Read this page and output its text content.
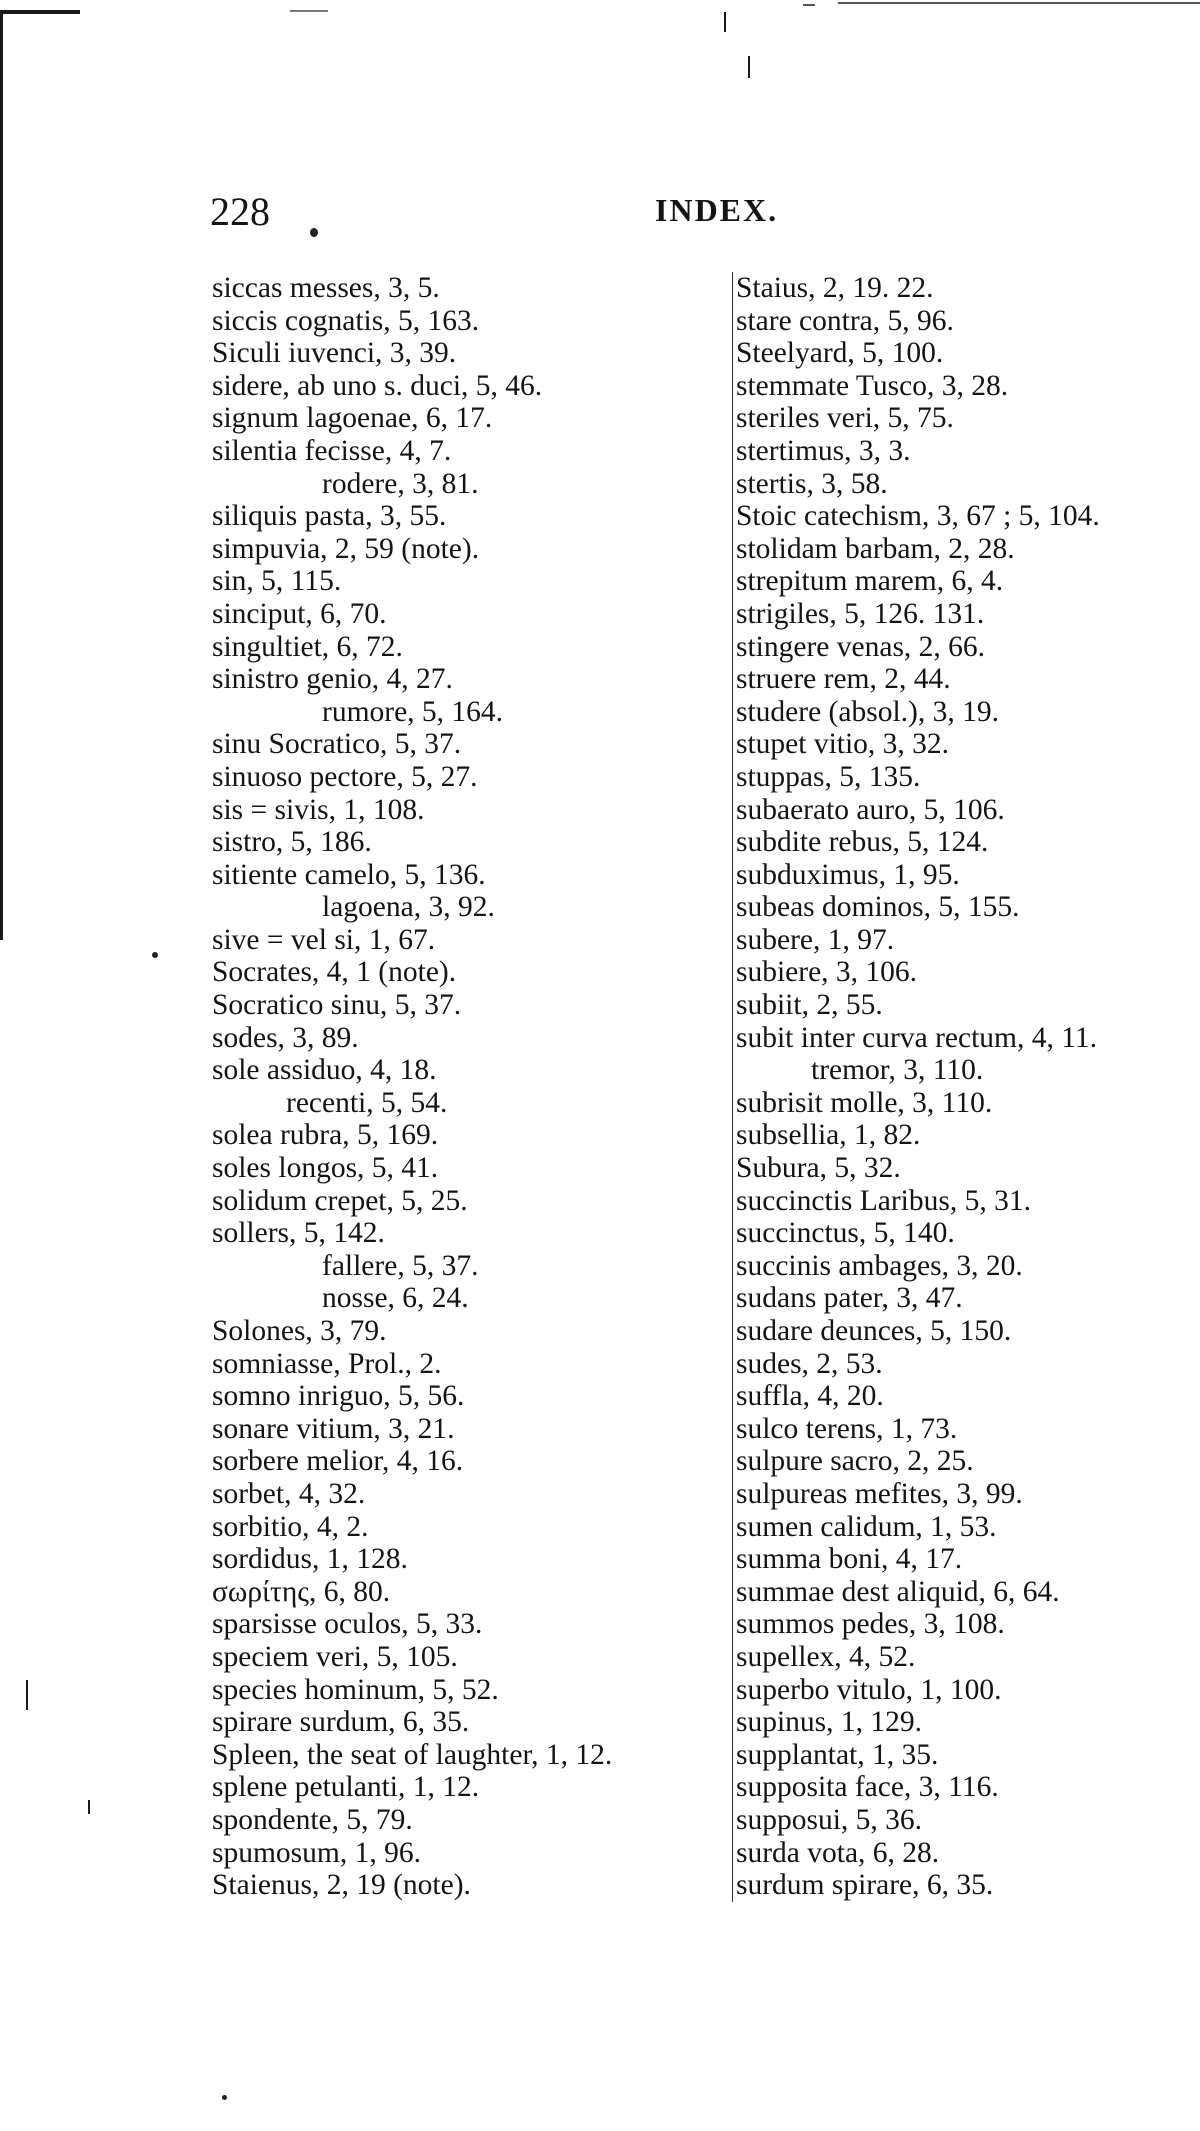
228	INDEX.
siccas messes, 3, 5.
siccis cognatis, 5, 163.
Siculi iuvenci, 3, 39.
sidere, ab uno s. duci, 5, 46.
signum lagoenae, 6, 17.
silentia fecisse, 4, 7.
rodere, 3, 81.
siliquis pasta, 3, 55.
simpuvia, 2, 59 (note).
sin, 5, 115.
sinciput, 6, 70.
singultiet, 6, 72.
sinistro genio, 4, 27.
rumore, 5, 164.
sinu Socratico, 5, 37.
sinuoso pectore, 5, 27.
sis = sivis, 1, 108.
sistro, 5, 186.
sitiente camelo, 5, 136.
lagoena, 3, 92.
sive = vel si, 1, 67.
Socrates, 4, 1 (note).
Socratico sinu, 5, 37.
sodes, 3, 89.
sole assiduo, 4, 18.
recenti, 5, 54.
solea rubra, 5, 169.
soles longos, 5, 41.
solidum crepet, 5, 25.
sollers, 5, 142.
fallere, 5, 37.
nosse, 6, 24.
Solones, 3, 79.
somniasse, Prol., 2.
somno inriguo, 5, 56.
sonare vitium, 3, 21.
sorbere melior, 4, 16.
sorbet, 4, 32.
sorbitio, 4, 2.
sordidus, 1, 128.
σωρίτης, 6, 80.
sparsisse oculos, 5, 33.
speciem veri, 5, 105.
species hominum, 5, 52.
spirare surdum, 6, 35.
Spleen, the seat of laughter, 1, 12.
splene petulanti, 1, 12.
spondente, 5, 79.
spumosum, 1, 96.
Staienus, 2, 19 (note).
Staius, 2, 19. 22.
stare contra, 5, 96.
Steelyard, 5, 100.
stemmate Tusco, 3, 28.
steriles veri, 5, 75.
stertimus, 3, 3.
stertis, 3, 58.
Stoic catechism, 3, 67 ; 5, 104.
stolidam barbam, 2, 28.
strepitum marem, 6, 4.
strigiles, 5, 126. 131.
stingere venas, 2, 66.
struere rem, 2, 44.
studere (absol.), 3, 19.
stupet vitio, 3, 32.
stuppas, 5, 135.
subaerato auro, 5, 106.
subdite rebus, 5, 124.
subduximus, 1, 95.
subeas dominos, 5, 155.
subere, 1, 97.
subiere, 3, 106.
subiit, 2, 55.
subit inter curva rectum, 4, 11.
tremor, 3, 110.
subrisit molle, 3, 110.
subsellia, 1, 82.
Subura, 5, 32.
succinctis Laribus, 5, 31.
succinctus, 5, 140.
succinis ambages, 3, 20.
sudans pater, 3, 47.
sudare deunces, 5, 150.
sudes, 2, 53.
suffla, 4, 20.
sulco terens, 1, 73.
sulpure sacro, 2, 25.
sulpureas mefites, 3, 99.
sumen calidum, 1, 53.
summa boni, 4, 17.
summae dest aliquid, 6, 64.
summos pedes, 3, 108.
supellex, 4, 52.
superbo vitulo, 1, 100.
supinus, 1, 129.
supplantat, 1, 35.
supposita face, 3, 116.
supposui, 5, 36.
surda vota, 6, 28.
surdum spirare, 6, 35.
